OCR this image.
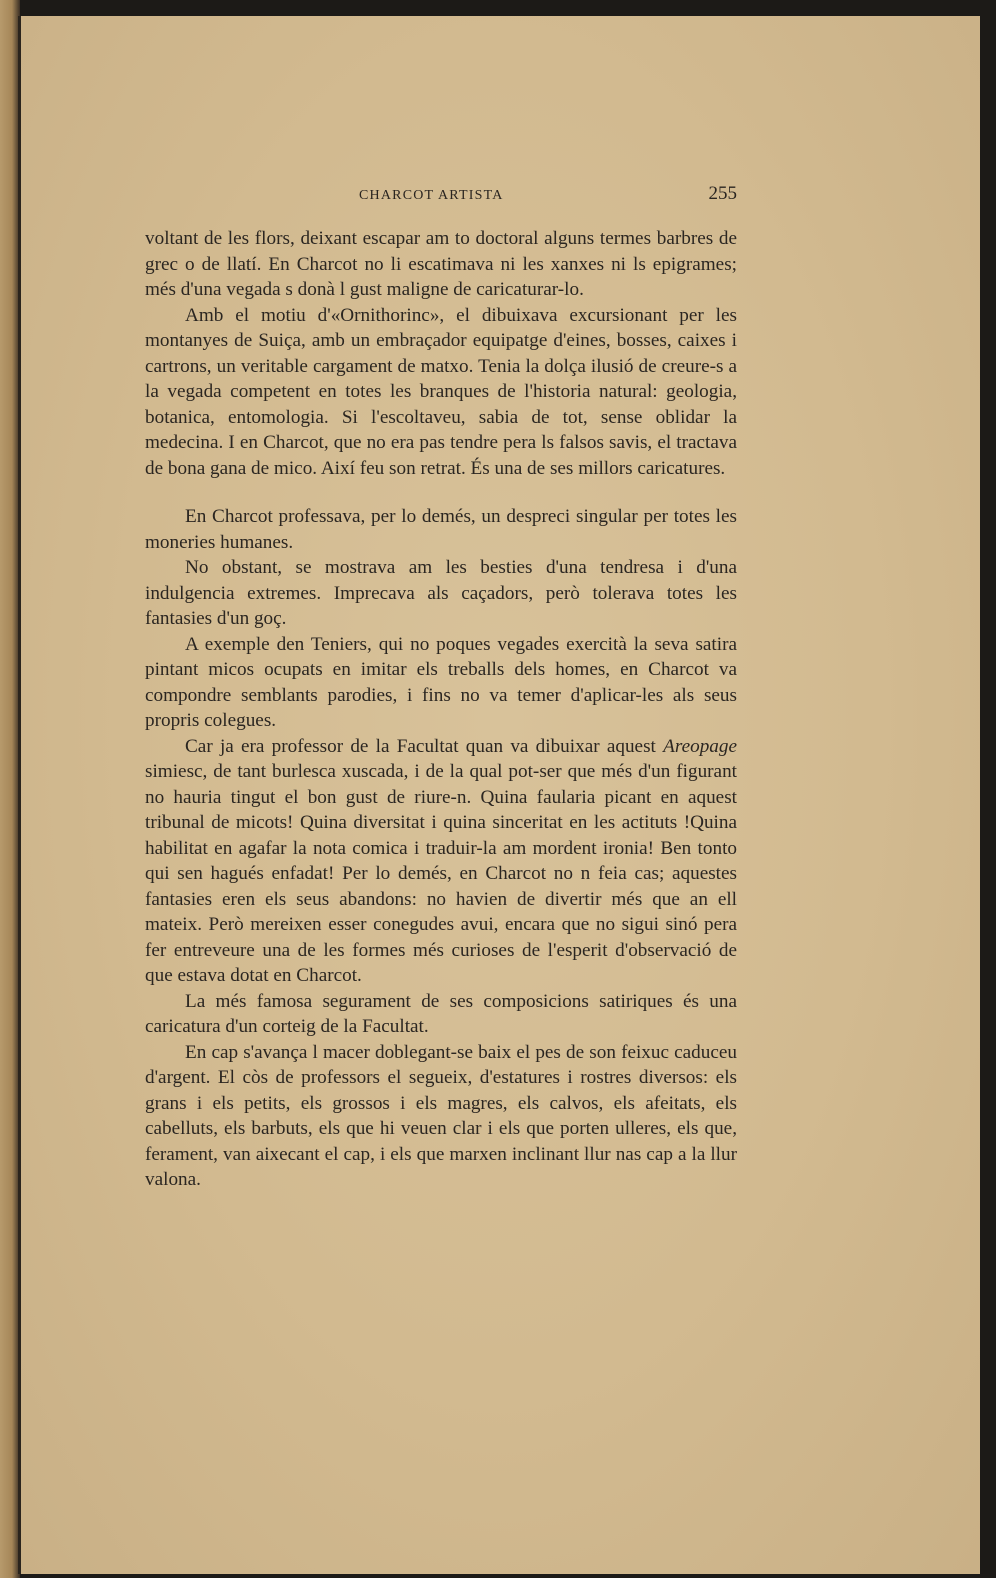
CHARCOT ARTISTA	255

voltant de les flors, deixant escapar am to doctoral alguns termes barbres de grec o de llatí. En Charcot no li escatimava ni les xanxes ni ls epigrames; més d'una vegada s donà l gust maligne de caricaturar-lo.

Amb el motiu d'«Ornithorinc», el dibuixava excursionant per les montanyes de Suiça, amb un embraçador equipatge d'eines, bosses, caixes i cartrons, un veritable cargament de matxo. Tenia la dolça ilusió de creure-s a la vegada competent en totes les branques de l'historia natural: geologia, botanica, entomologia. Si l'escoltaveu, sabia de tot, sense oblidar la medecina. I en Charcot, que no era pas tendre pera ls falsos savis, el tractava de bona gana de mico. Així feu son retrat. És una de ses millors caricatures.

En Charcot professava, per lo demés, un despreci singular per totes les moneries humanes.

No obstant, se mostrava am les besties d'una tendresa i d'una indulgencia extremes. Imprecava als caçadors, però tolerava totes les fantasies d'un goç.

A exemple den Teniers, qui no poques vegades exercità la seva satira pintant micos ocupats en imitar els treballs dels homes, en Charcot va compondre semblants parodies, i fins no va temer d'aplicar-les als seus propris colegues.

Car ja era professor de la Facultat quan va dibuixar aquest Areopage simiesc, de tant burlesca xuscada, i de la qual pot-ser que més d'un figurant no hauria tingut el bon gust de riure-n. Quina faularia picant en aquest tribunal de micots! Quina diversitat i quina sinceritat en les actituts !Quina habilitat en agafar la nota comica i traduir-la am mordent ironia! Ben tonto qui sen hagués enfadat! Per lo demés, en Charcot no n feia cas; aquestes fantasies eren els seus abandons: no havien de divertir més que an ell mateix. Però mereixen esser conegudes avui, encara que no sigui sinó pera fer entreveure una de les formes més curioses de l'esperit d'observació de que estava dotat en Charcot.

La més famosa segurament de ses composicions satiriques és una caricatura d'un corteig de la Facultat.

En cap s'avança l macer doblegant-se baix el pes de son feixuc caduceu d'argent. El còs de professors el segueix, d'estatures i rostres diversos: els grans i els petits, els grossos i els magres, els calvos, els afeitats, els cabelluts, els barbuts, els que hi veuen clar i els que porten ulleres, els que, ferament, van aixecant el cap, i els que marxen inclinant llur nas cap a la llur valona.
